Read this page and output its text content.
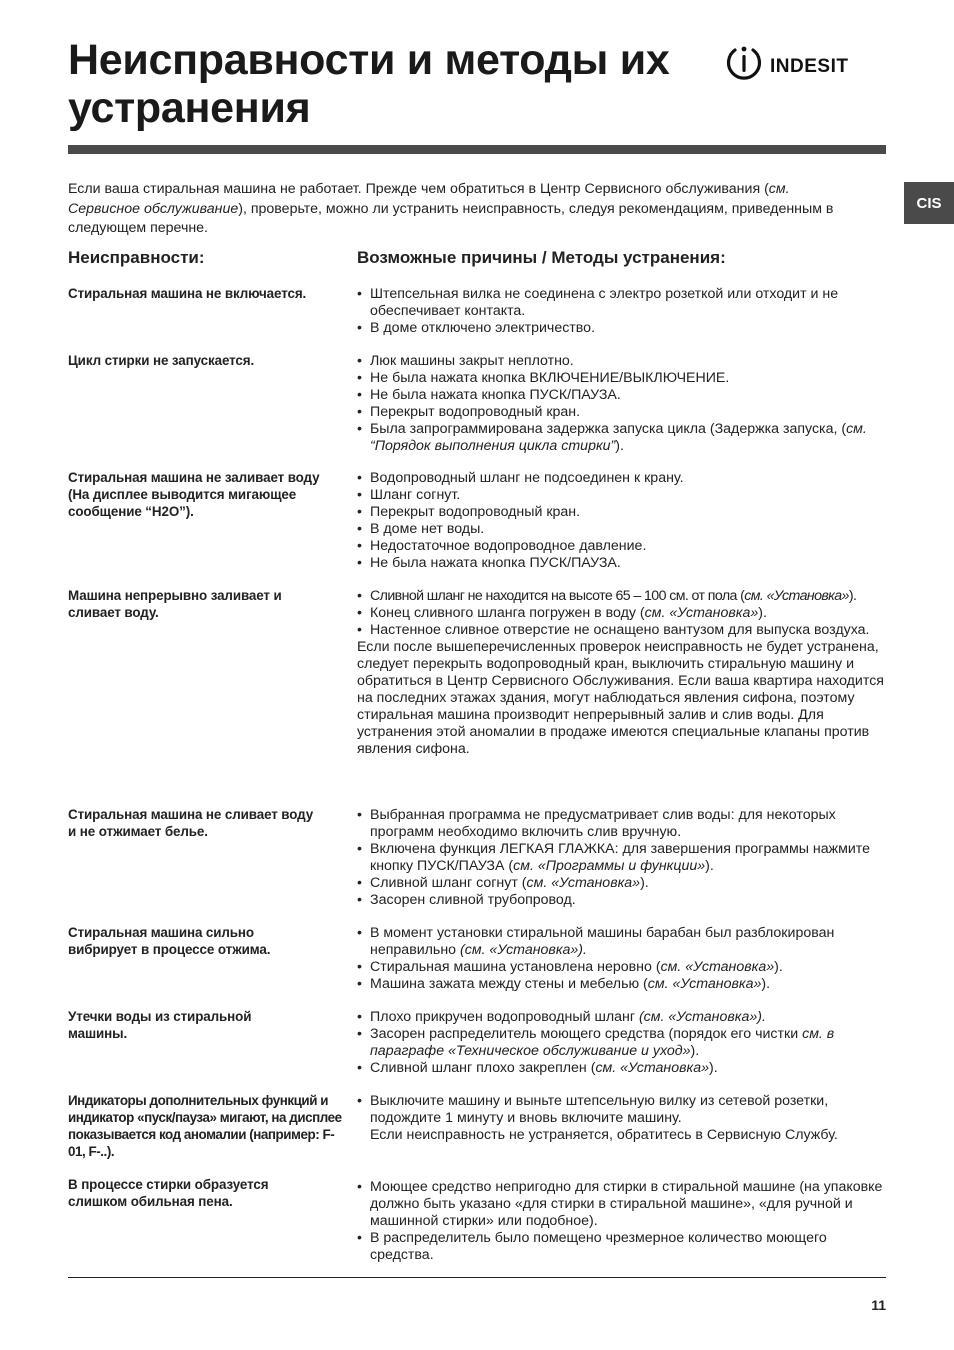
Неисправности и методы их устранения
indesit
CIS

Если ваша стиральная машина не работает. Прежде чем обратиться в Центр Сервисного обслуживания (см. Сервисное обслуживание), проверьте, можно ли устранить неисправность, следуя рекомендациям, приведенным в следующем перечне.

Неисправности:	Возможные причины / Методы устранения:
Стиральная машина не включается.	• Штепсельная вилка не соединена с электро розеткой или отходит и не обеспечивает контакта.
• В доме отключено электричество.
Цикл стирки не запускается.	• Люк машины закрыт неплотно.
• Не была нажата кнопка ВКЛЮЧЕНИЕ/ВЫКЛЮЧЕНИЕ.
• Не была нажата кнопка ПУСК/ПАУЗА.
• Перекрыт водопроводный кран.
• Была запрограммирована задержка запуска цикла (Задержка запуска, (см. “Порядок выполнения цикла стирки”).
Стиральная машина не заливает воду (На дисплее выводится мигающее сообщение “H2O”).
• Водопроводный шланг не подсоединен к крану.
• Шланг согнут.
• Перекрыт водопроводный кран.
• В доме нет воды.
• Недостаточное водопроводное давление.
• Не была нажата кнопка ПУСК/ПАУЗА.
Машина непрерывно заливает и сливает воду.
• Сливной шланг не находится на высоте 65 – 100 см. от пола (см. «Установка»).
• Конец сливного шланга погружен в воду (см. «Установка»).
• Настенное сливное отверстие не оснащено вантузом для выпуска воздуха.

Если после вышеперечисленных проверок неисправность не будет устранена, следует перекрыть водопроводный кран, выключить стиральную машину и обратиться в Центр Сервисного Обслуживания. Если ваша квартира находится на последних этажах здания, могут наблюдаться явления сифона, поэтому стиральная машина производит непрерывный залив и слив воды. Для устранения этой аномалии в продаже имеются специальные клапаны против явления сифона.

Стиральная машина не сливает воду и не отжимает белье.
• Выбранная программа не предусматривает слив воды: для некоторых программ необходимо включить слив вручную.
• Включена функция ЛЕГКАЯ ГЛАЖКА: для завершения программы нажмите кнопку ПУСК/ПАУЗА (см. «Программы и функции»).
• Сливной шланг согнут (см. «Установка»).
• Засорен сливной трубопровод.
Стиральная машина сильно вибрирует в процессе отжима.
• В момент установки стиральной машины барабан был разблокирован неправильно (см. «Установка»).
• Стиральная машина установлена неровно (см. «Установка»).
• Машина зажата между стены и мебелью (см. «Установка»).
Утечки воды из стиральной машины.
• Плохо прикручен водопроводный шланг (см. «Установка»).
• Засорен распределитель моющего средства (порядок его чистки см. в параграфе «Техническое обслуживание и уход»).
• Сливной шланг плохо закреплен (см. «Установка»).
Индикаторы дополнительных функций и индикатор «пуск/пауза» мигают, на дисплее показывается код аномалии (например: F-01, F-..).
• Выключите машину и выньте штепсельную вилку из сетевой розетки, подождите 1 минуту и вновь включите машину.

Если неисправность не устраняется, обратитесь в Сервисную Службу.

В процессе стирки образуется слишком обильная пена.
• Моющее средство непригодно для стирки в стиральной машине (на упаковке должно быть указано «для стирки в стиральной машине», «для ручной и машинной стирки» или подобное).
• В распределитель было помещено чрезмерное количество моющего средства.
11
